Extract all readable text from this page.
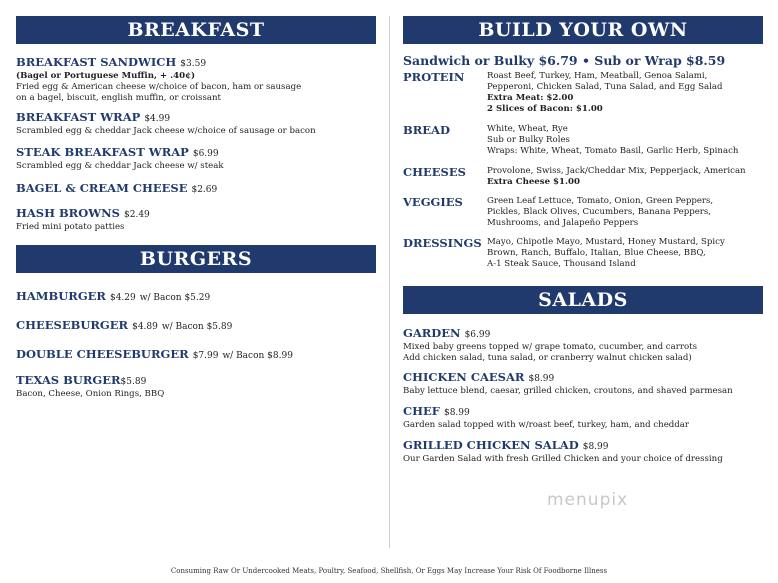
BREAKFAST
BREAKFAST SANDWICH $3.59
(Bagel or Portuguese Muffin, + .40¢)
Fried egg & American cheese w/choice of bacon, ham or sausage
on a bagel, biscuit, english muffin, or croissant
BREAKFAST WRAP $4.99
Scrambled egg & cheddar Jack cheese w/choice of sausage or bacon
STEAK BREAKFAST WRAP $6.99
Scrambled egg & cheddar Jack cheese w/ steak
BAGEL & CREAM CHEESE $2.69
HASH BROWNS $2.49
Fried mini potato patties
BURGERS
HAMBURGER $4.29 w/ Bacon $5.29
CHEESEBURGER $4.89 w/ Bacon $5.89
DOUBLE CHEESEBURGER $7.99 w/ Bacon $8.99
TEXAS BURGER$5.89
Bacon, Cheese, Onion Rings, BBQ
BUILD YOUR OWN
Sandwich or Bulky $6.79 • Sub or Wrap $8.59
PROTEIN	Roast Beef, Turkey, Ham, Meatball, Genoa Salami,
Pepperoni, Chicken Salad, Tuna Salad, and Egg Salad
Extra Meat: $2.00
2 Slices of Bacon: $1.00
BREAD	White, Wheat, Rye
Sub or Bulky Roles
Wraps: White, Wheat, Tomato Basil, Garlic Herb, Spinach
CHEESES	Provolone, Swiss, Jack/Cheddar Mix, Pepperjack, American
Extra Cheese $1.00
VEGGIES	Green Leaf Lettuce, Tomato, Onion, Green Peppers,
Pickles, Black Olives, Cucumbers, Banana Peppers,
Mushrooms, and Jalapeño Peppers
DRESSINGS Mayo, Chipotle Mayo, Mustard, Honey Mustard, Spicy
Brown, Ranch, Buffalo, Italian, Blue Cheese, BBQ,
A-1 Steak Sauce, Thousand Island
SALADS
GARDEN $6.99
Mixed baby greens topped w/ grape tomato, cucumber, and carrots
Add chicken salad, tuna salad, or cranberry walnut chicken salad)
CHICKEN CAESAR $8.99
Baby lettuce blend, caesar, grilled chicken, croutons, and shaved parmesan
CHEF $8.99
Garden salad topped with w/roast beef, turkey, ham, and cheddar
GRILLED CHICKEN SALAD $8.99
Our Garden Salad with fresh Grilled Chicken and your choice of dressing
menupix
Consuming Raw Or Undercooked Meats, Poultry, Seafood, Shellfish, Or Eggs May Increase Your Risk Of Foodborne Illness
